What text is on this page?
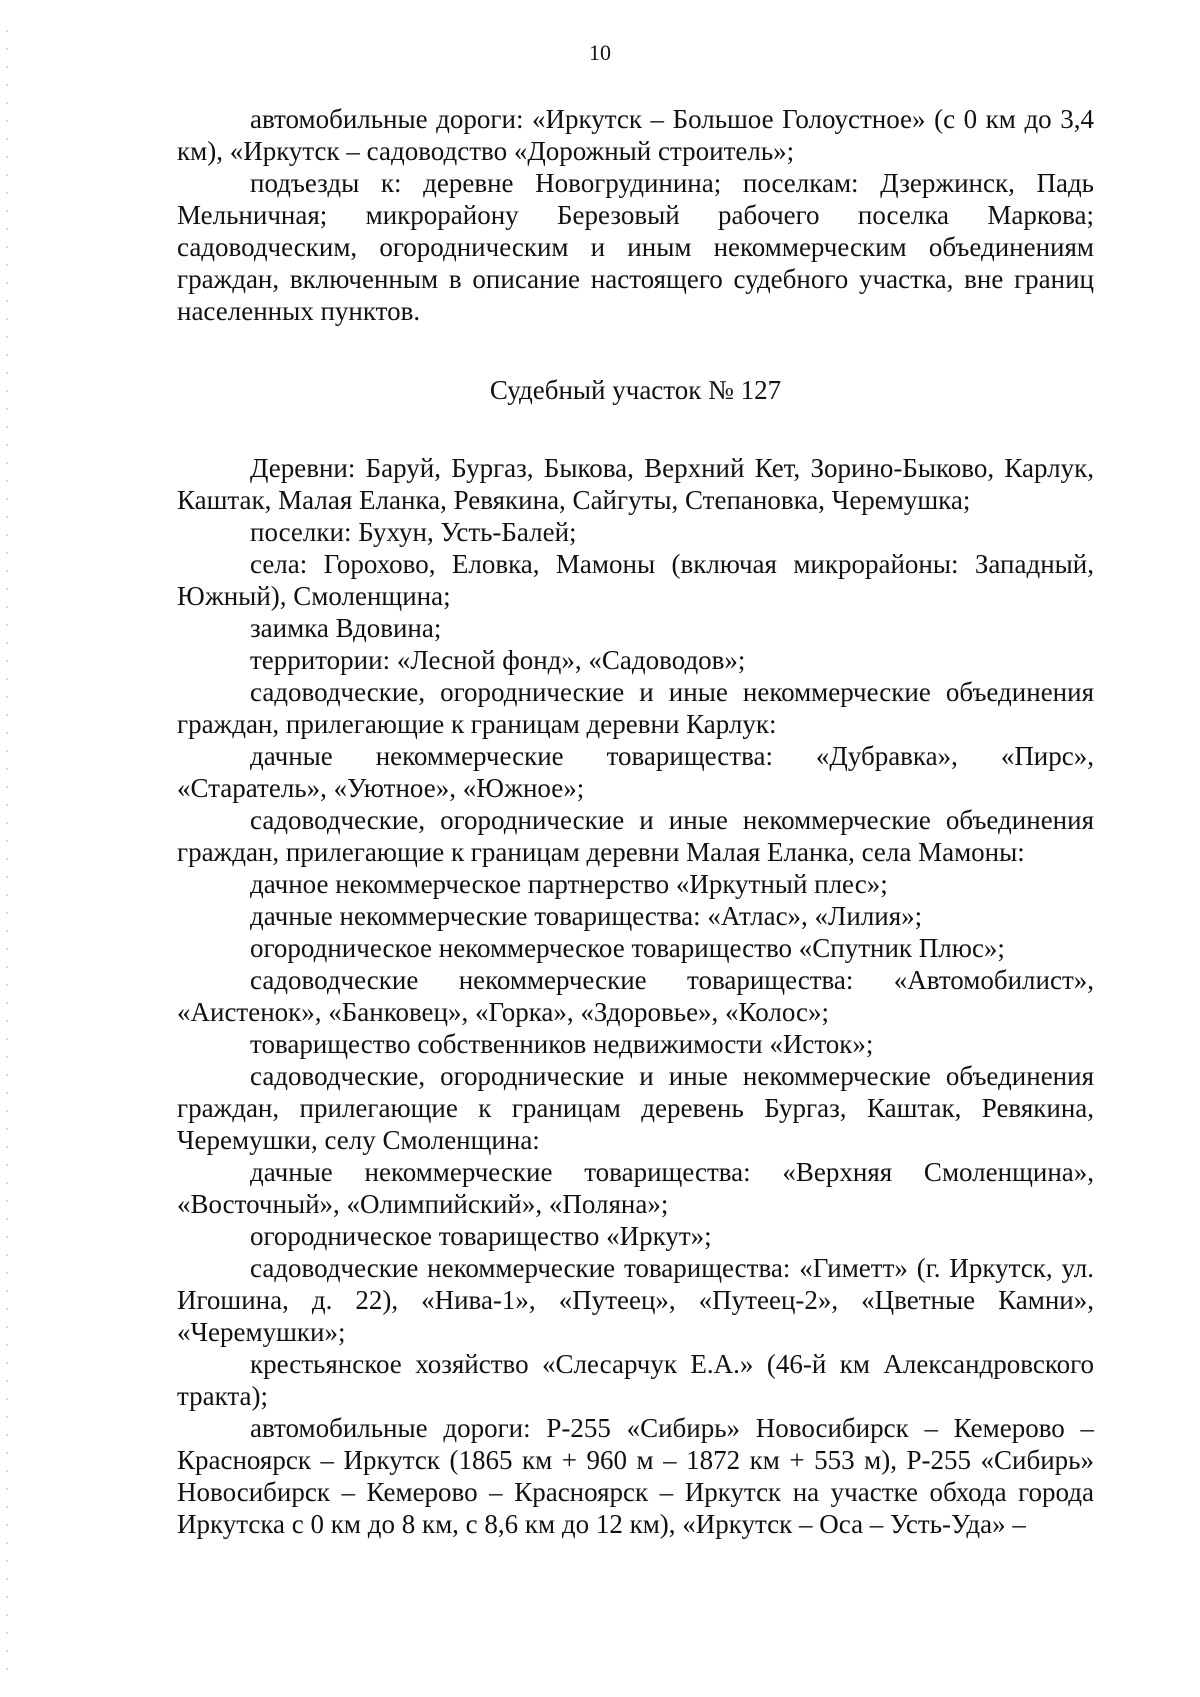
10

автомобильные дороги: «Иркутск – Большое Голоустное» (с 0 км до 3,4 км), «Иркутск – садоводство «Дорожный строитель»;

подъезды к: деревне Новогрудинина; поселкам: Дзержинск, Падь Мельничная; микрорайону Березовый рабочего поселка Маркова; садоводческим, огородническим и иным некоммерческим объединениям граждан, включенным в описание настоящего судебного участка, вне границ населенных пунктов.

Судебный участок № 127

Деревни: Баруй, Бургаз, Быкова, Верхний Кет, Зорино-Быково, Карлук, Каштак, Малая Еланка, Ревякина, Сайгуты, Степановка, Черемушка;

поселки: Бухун, Усть-Балей;

села: Горохово, Еловка, Мамоны (включая микрорайоны: Западный, Южный), Смоленщина;

заимка Вдовина;

территории: «Лесной фонд», «Садоводов»;

садоводческие, огороднические и иные некоммерческие объединения граждан, прилегающие к границам деревни Карлук:

дачные некоммерческие товарищества: «Дубравка», «Пирс», «Старатель», «Уютное», «Южное»;

садоводческие, огороднические и иные некоммерческие объединения граждан, прилегающие к границам деревни Малая Еланка, села Мамоны:

дачное некоммерческое партнерство «Иркутный плес»;

дачные некоммерческие товарищества: «Атлас», «Лилия»;

огородническое некоммерческое товарищество «Спутник Плюс»;

садоводческие некоммерческие товарищества: «Автомобилист», «Аистенок», «Банковец», «Горка», «Здоровье», «Колос»;

товарищество собственников недвижимости «Исток»;

садоводческие, огороднические и иные некоммерческие объединения граждан, прилегающие к границам деревень Бургаз, Каштак, Ревякина, Черемушки, селу Смоленщина:

дачные некоммерческие товарищества: «Верхняя Смоленщина», «Восточный», «Олимпийский», «Поляна»;

огородническое товарищество «Иркут»;

садоводческие некоммерческие товарищества: «Гиметт» (г. Иркутск, ул. Игошина, д. 22), «Нива-1», «Путеец», «Путеец-2», «Цветные Камни», «Черемушки»;

крестьянское хозяйство «Слесарчук Е.А.» (46-й км Александровского тракта);

автомобильные дороги: Р-255 «Сибирь» Новосибирск – Кемерово – Красноярск – Иркутск (1865 км + 960 м – 1872 км + 553 м), Р-255 «Сибирь» Новосибирск – Кемерово – Красноярск – Иркутск на участке обхода города Иркутска с 0 км до 8 км, с 8,6 км до 12 км), «Иркутск – Оса – Усть-Уда» –
